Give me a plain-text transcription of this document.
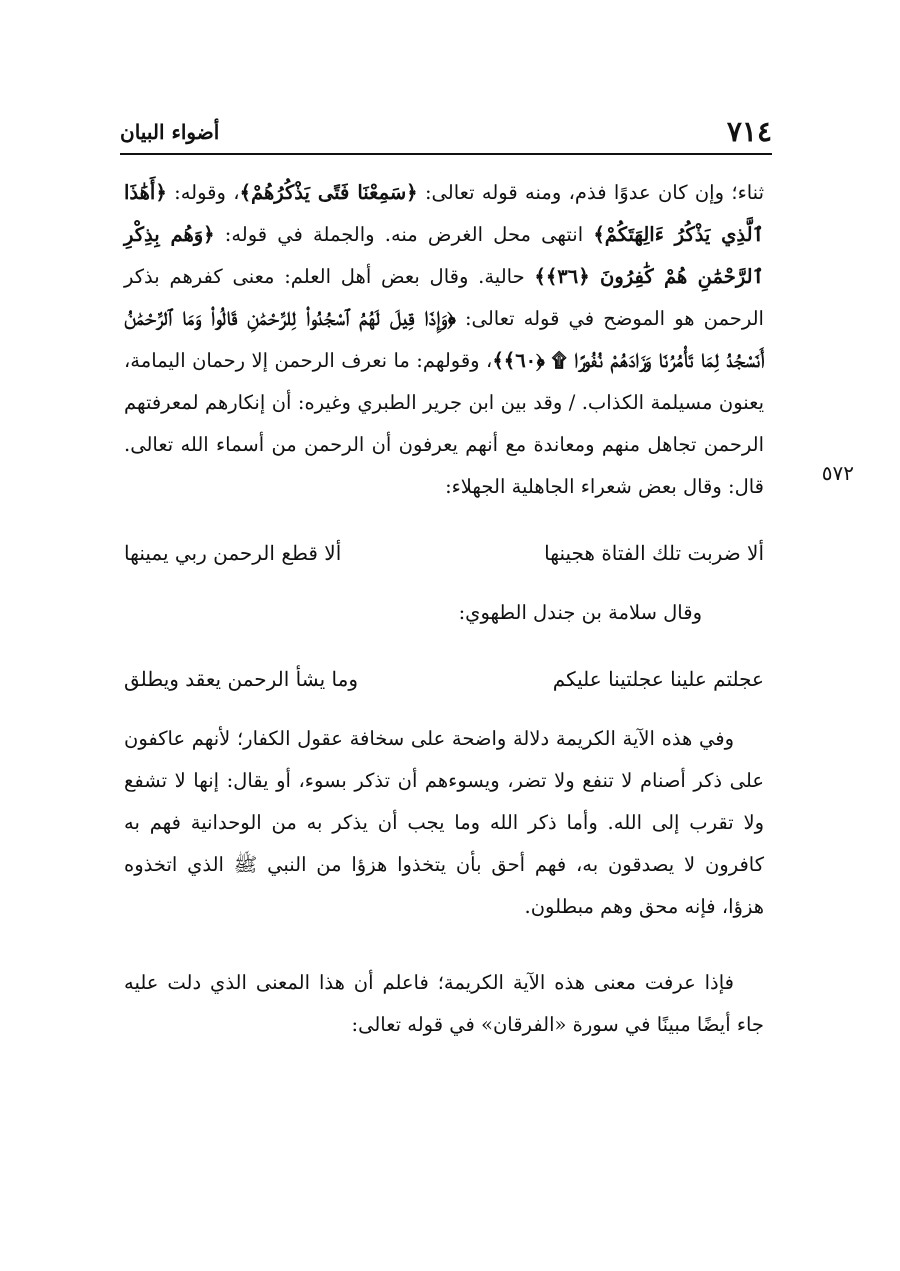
٧١٤
أضواء البيان
٥٧٢

ثناء؛ وإن كان عدوًا فذم، ومنه قوله تعالى: ﴿سَمِعْنَا فَتًى يَذْكُرُهُمْ﴾، وقوله: ﴿أَهَٰذَا ٱلَّذِي يَذْكُرُ ءَالِهَتَكُمْ﴾ انتهى محل الغرض منه. والجملة في قوله: ﴿وَهُم بِذِكْرِ ٱلرَّحْمَٰنِ هُمْ كَٰفِرُونَ ﴿٣٦﴾﴾ حالية. وقال بعض أهل العلم: معنى كفرهم بذكر الرحمن هو الموضح في قوله تعالى: ﴿وَإِذَا قِيلَ لَهُمُ ٱسْجُدُوا۟ لِلرَّحْمَٰنِ قَالُوا۟ وَمَا ٱلرَّحْمَٰنُ أَنَسْجُدُ لِمَا تَأْمُرُنَا وَزَادَهُمْ نُفُورًا ۩ ﴿٦٠﴾﴾، وقولهم: ما نعرف الرحمن إلا رحمان اليمامة، يعنون مسيلمة الكذاب. / وقد بين ابن جرير الطبري وغيره: أن إنكارهم لمعرفتهم الرحمن تجاهل منهم ومعاندة مع أنهم يعرفون أن الرحمن من أسماء الله تعالى. قال: وقال بعض شعراء الجاهلية الجهلاء:

ألا ضربت تلك الفتاة هجينها
ألا قطع الرحمن ربي يمينها

وقال سلامة بن جندل الطهوي:

عجلتم علينا عجلتينا عليكم
وما يشأ الرحمن يعقد ويطلق

وفي هذه الآية الكريمة دلالة واضحة على سخافة عقول الكفار؛ لأنهم عاكفون على ذكر أصنام لا تنفع ولا تضر، ويسوءهم أن تذكر بسوء، أو يقال: إنها لا تشفع ولا تقرب إلى الله. وأما ذكر الله وما يجب أن يذكر به من الوحدانية فهم به كافرون لا يصدقون به، فهم أحق بأن يتخذوا هزؤا من النبي ﷺ الذي اتخذوه هزؤا، فإنه محق وهم مبطلون.

فإذا عرفت معنى هذه الآية الكريمة؛ فاعلم أن هذا المعنى الذي دلت عليه جاء أيضًا مبينًا في سورة «الفرقان» في قوله تعالى:
